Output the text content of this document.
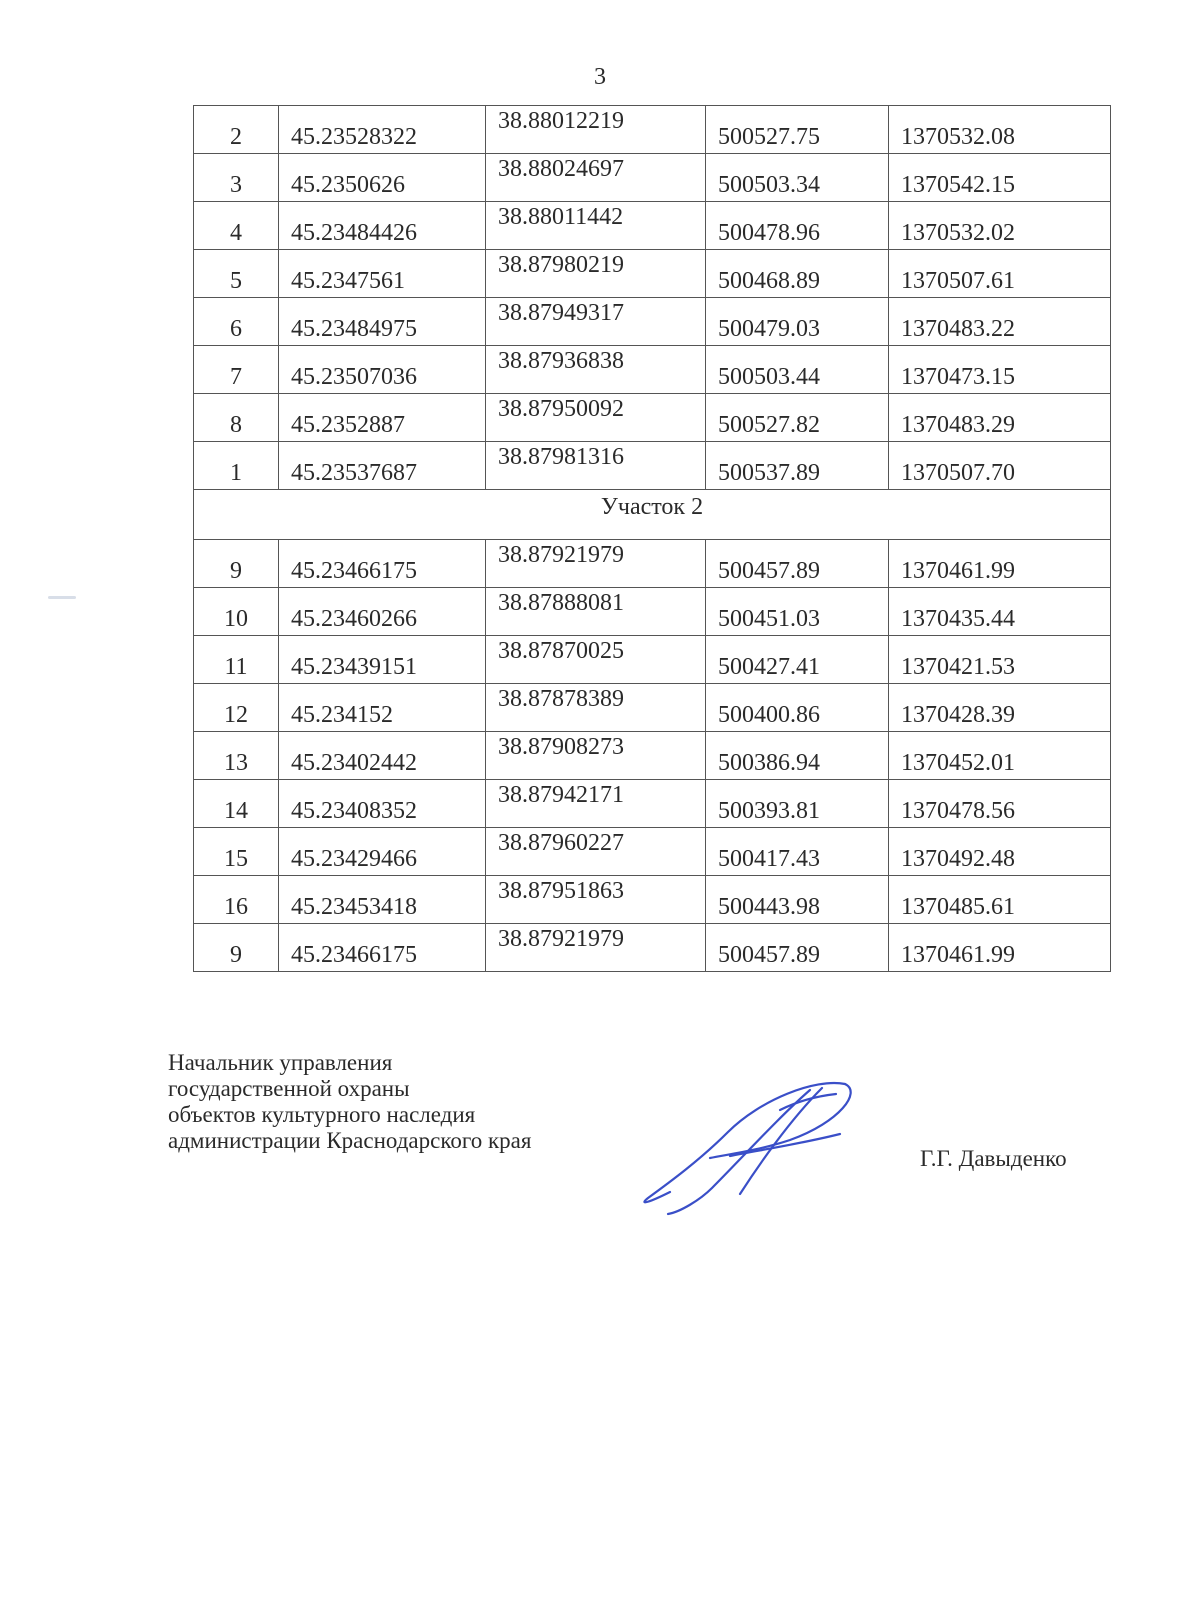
3
2	45.23528322	38.88012219	500527.75	1370532.08
3	45.2350626	38.88024697	500503.34	1370542.15
4	45.23484426	38.88011442	500478.96	1370532.02
5	45.2347561	38.87980219	500468.89	1370507.61
6	45.23484975	38.87949317	500479.03	1370483.22
7	45.23507036	38.87936838	500503.44	1370473.15
8	45.2352887	38.87950092	500527.82	1370483.29
1	45.23537687	38.87981316	500537.89	1370507.70
Участок 2				
9	45.23466175	38.87921979	500457.89	1370461.99
10	45.23460266	38.87888081	500451.03	1370435.44
11	45.23439151	38.87870025	500427.41	1370421.53
12	45.234152	38.87878389	500400.86	1370428.39
13	45.23402442	38.87908273	500386.94	1370452.01
14	45.23408352	38.87942171	500393.81	1370478.56
15	45.23429466	38.87960227	500417.43	1370492.48
16	45.23453418	38.87951863	500443.98	1370485.61
9	45.23466175	38.87921979	500457.89	1370461.99
Начальник управления
государственной охраны
объектов культурного наследия
администрации Краснодарского края
Г.Г. Давыденко
